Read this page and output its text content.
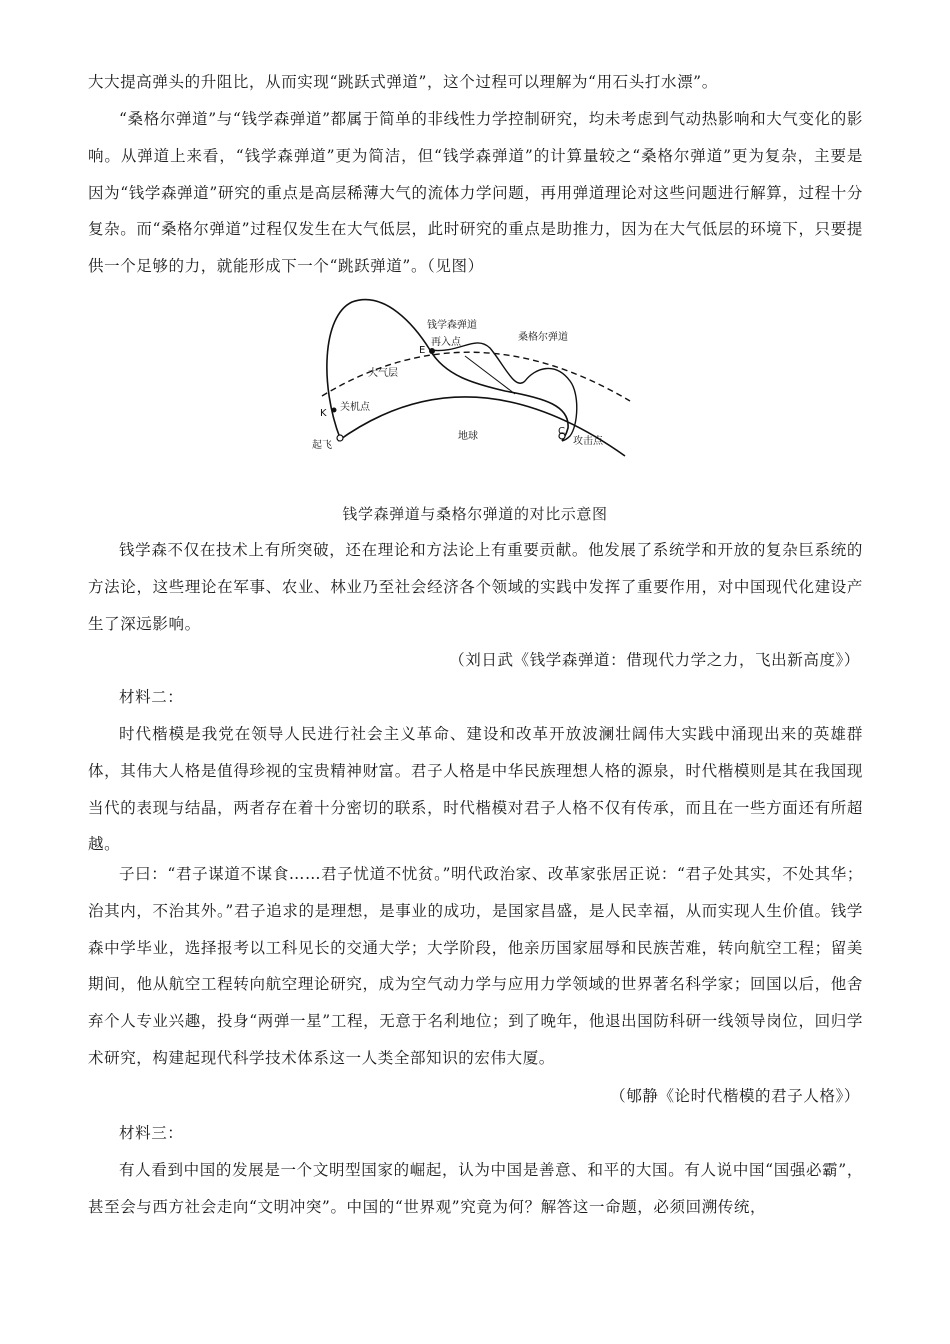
大大提高弹头的升阻比，从而实现“跳跃式弹道”，这个过程可以理解为“用石头打水漂”。

“桑格尔弹道”与“钱学森弹道”都属于简单的非线性力学控制研究，均未考虑到气动热影响和大气变化的影响。从弹道上来看，“钱学森弹道”更为简洁，但“钱学森弹道”的计算量较之“桑格尔弹道”更为复杂，主要是因为“钱学森弹道”研究的重点是高层稀薄大气的流体力学问题，再用弹道理论对这些问题进行解算，过程十分复杂。而“桑格尔弹道”过程仅发生在大气低层，此时研究的重点是助推力，因为在大气低层的环境下，只要提供一个足够的力，就能形成下一个“跳跃弹道”。（见图）

钱学森弹道
再入点	桑格尔弹道
大气层
E
K
关机点
起飞
地球	C
攻击点

钱学森弹道与桑格尔弹道的对比示意图

钱学森不仅在技术上有所突破，还在理论和方法论上有重要贡献。他发展了系统学和开放的复杂巨系统的方法论，这些理论在军事、农业、林业乃至社会经济各个领域的实践中发挥了重要作用，对中国现代化建设产生了深远影响。

（刘日武《钱学森弹道：借现代力学之力，飞出新高度》）

材料二：

时代楷模是我党在领导人民进行社会主义革命、建设和改革开放波澜壮阔伟大实践中涌现出来的英雄群体，其伟大人格是值得珍视的宝贵精神财富。君子人格是中华民族理想人格的源泉，时代楷模则是其在我国现当代的表现与结晶，两者存在着十分密切的联系，时代楷模对君子人格不仅有传承，而且在一些方面还有所超越。

子曰：“君子谋道不谋食……君子忧道不忧贫。”明代政治家、改革家张居正说：“君子处其实，不处其华；治其内，不治其外。”君子追求的是理想，是事业的成功，是国家昌盛，是人民幸福，从而实现人生价值。钱学森中学毕业，选择报考以工科见长的交通大学；大学阶段，他亲历国家屈辱和民族苦难，转向航空工程；留美期间，他从航空工程转向航空理论研究，成为空气动力学与应用力学领域的世界著名科学家；回国以后，他舍弃个人专业兴趣，投身“两弹一星”工程，无意于名利地位；到了晚年，他退出国防科研一线领导岗位，回归学术研究，构建起现代科学技术体系这一人类全部知识的宏伟大厦。

（郇静《论时代楷模的君子人格》）

材料三：

有人看到中国的发展是一个文明型国家的崛起，认为中国是善意、和平的大国。有人说中国“国强必霸”，甚至会与西方社会走向“文明冲突”。中国的“世界观”究竟为何？解答这一命题，必须回溯传统，
